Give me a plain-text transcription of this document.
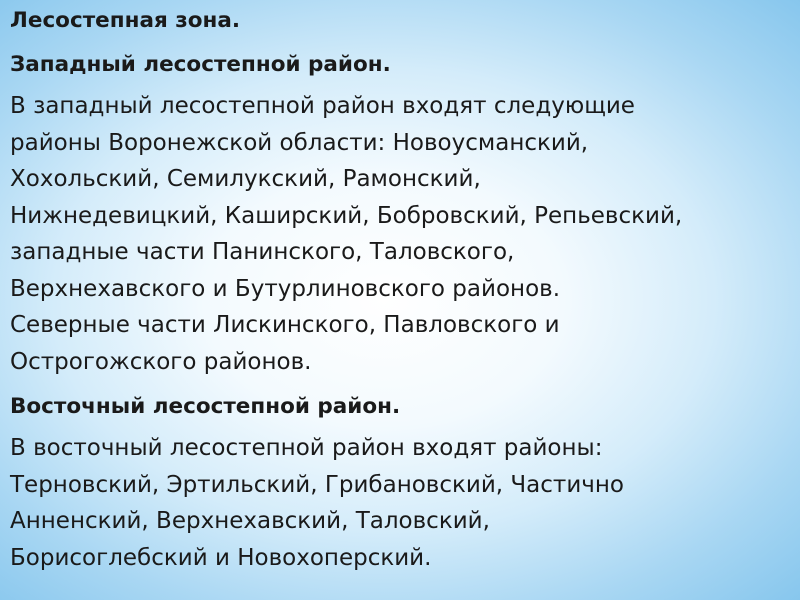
Лесостепная зона.
Западный лесостепной район.
В западный лесостепной район входят следующие
районы Воронежской области: Новоусманский,
Хохольский, Семилукский, Рамонский,
Нижнедевицкий, Каширский, Бобровский, Репьевский,
западные части Панинского, Таловского,
Верхнехавского и Бутурлиновского районов.
Северные части Лискинского, Павловского и
Острогожского районов.
Восточный лесостепной район.
В восточный лесостепной район входят районы:
Терновский, Эртильский, Грибановский, Частично
Анненский, Верхнехавский, Таловский,
Борисоглебский и Новохоперский.
